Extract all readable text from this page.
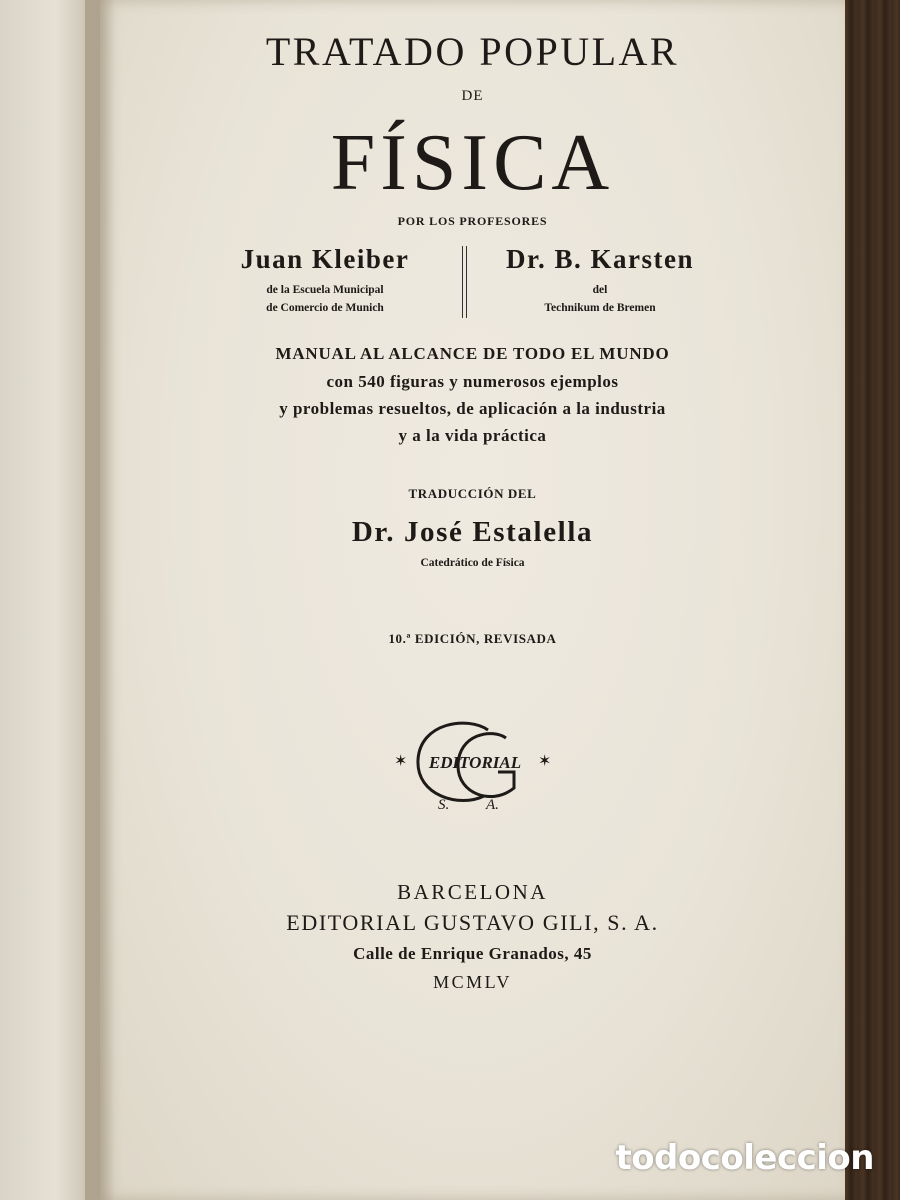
TRATADO POPULAR
DE
FÍSICA
POR LOS PROFESORES
Juan Kleiber
de la Escuela Municipal
de Comercio de Munich
Dr. B. Karsten
del
Technikum de Bremen
MANUAL AL ALCANCE DE TODO EL MUNDO
con 540 figuras y numerosos ejemplos
y problemas resueltos, de aplicación a la industria
y a la vida práctica
TRADUCCIÓN DEL
Dr. José Estalella
Catedrático de Física
10.ª EDICIÓN, REVISADA
✶	✶
EDITORIAL
S. A.
BARCELONA
EDITORIAL GUSTAVO GILI, S. A.
Calle de Enrique Granados, 45
MCMLV
todocoleccion
